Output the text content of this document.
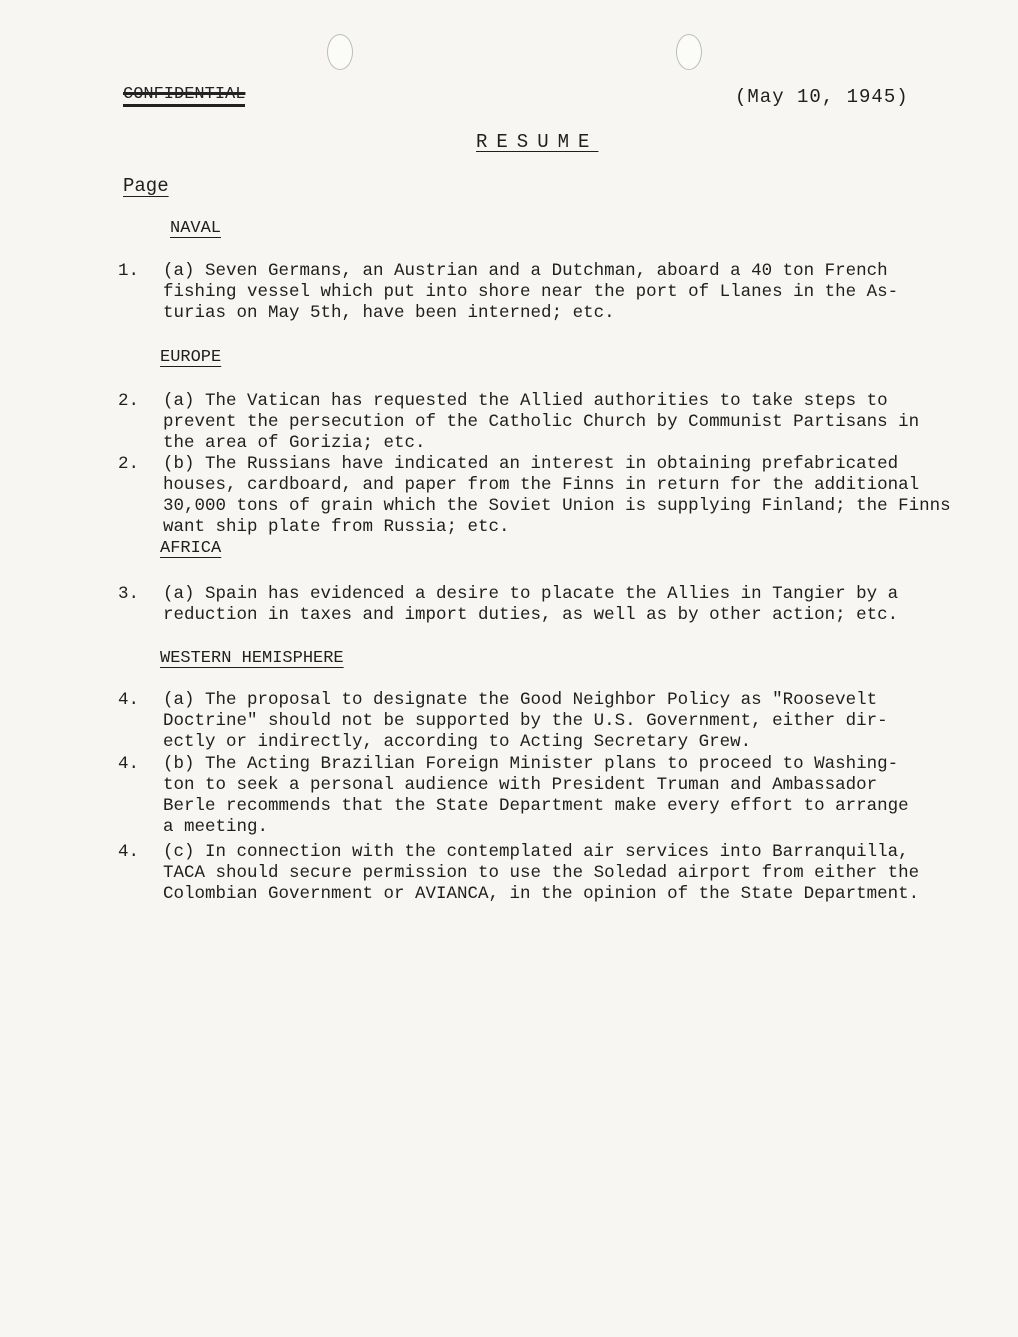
CONFIDENTIAL	(May 10, 1945)
RESUME
Page
NAVAL
1.	(a) Seven Germans, an Austrian and a Dutchman, aboard a 40 ton French
fishing vessel which put into shore near the port of Llanes in the As-
turias on May 5th, have been interned; etc.
EUROPE
2.	(a) The Vatican has requested the Allied authorities to take steps to
prevent the persecution of the Catholic Church by Communist Partisans in
the area of Gorizia; etc.
2.	(b) The Russians have indicated an interest in obtaining prefabricated
houses, cardboard, and paper from the Finns in return for the additional
30,000 tons of grain which the Soviet Union is supplying Finland; the Finns
want ship plate from Russia; etc.
AFRICA
3.	(a) Spain has evidenced a desire to placate the Allies in Tangier by a
reduction in taxes and import duties, as well as by other action; etc.
WESTERN HEMISPHERE
4.	(a) The proposal to designate the Good Neighbor Policy as "Roosevelt
Doctrine" should not be supported by the U.S. Government, either dir-
ectly or indirectly, according to Acting Secretary Grew.
4.	(b) The Acting Brazilian Foreign Minister plans to proceed to Washing-
ton to seek a personal audience with President Truman and Ambassador
Berle recommends that the State Department make every effort to arrange
a meeting.
4.	(c) In connection with the contemplated air services into Barranquilla,
TACA should secure permission to use the Soledad airport from either the
Colombian Government or AVIANCA, in the opinion of the State Department.
